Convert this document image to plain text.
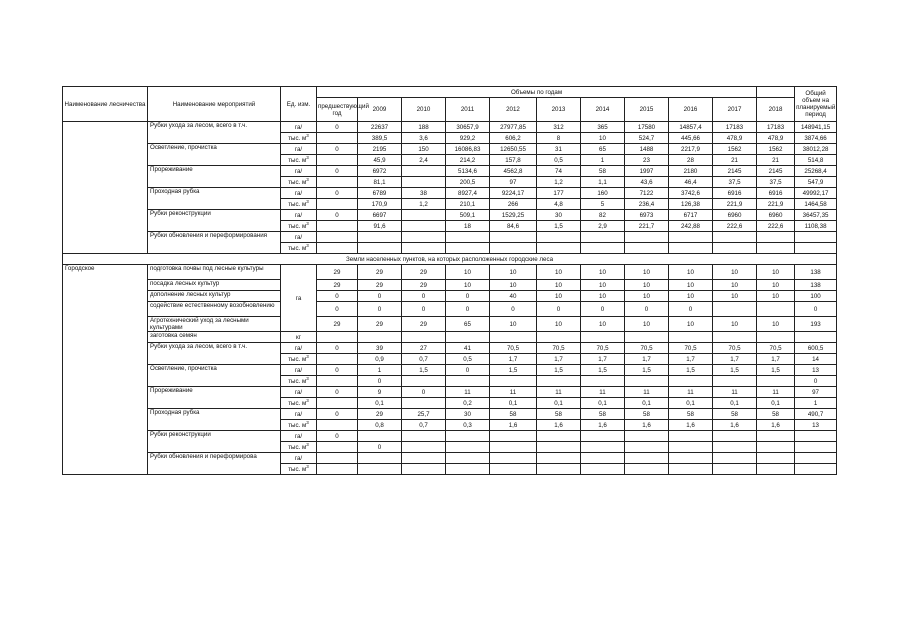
Наименование лесничества	Наименование мероприятий	Ед. изм.	Объемы по годам											Общий объем на планируемый период
			предшествующий год	2009	2010	2011	2012	2013	2014	2015	2016	2017	2018	
	Рубки ухода за лесом, всего в т.ч.	га/	0	22637	188	30657,9	27977,85	312	365	17580	14857,4	17183	17183	148941,15
		тыс. $м^3$		389,5	3,6	929,2	606,2	8	10	524,7	445,66	478,9	478,9	3874,66
	Осветление, прочистка	га/	0	2195	150	16086,83	12650,55	31	65	1488	2217,9	1562	1562	38012,28
		тыс. $м^3$		45,9	2,4	214,2	157,8	0,5	1	23	28	21	21	514,8
	Прореживание	га/	0	6972		5134,6	4562,8	74	58	1997	2180	2145	2145	25268,4
		тыс. $м^3$		81,1		200,5	97	1,2	1,1	43,6	46,4	37,5	37,5	547,9
	Проходная рубка	га/	0	6789	38	8927,4	9224,17	177	160	7122	3742,6	6916	6916	49992,17
		тыс. $м^3$		170,9	1,2	210,1	266	4,8	5	236,4	126,38	221,9	221,9	1464,58
	Рубки реконструкции	га/	0	6697		509,1	1529,25	30	82	6973	6717	6960	6960	36457,35
		тыс. $м^3$		91,6		18	84,6	1,5	2,9	221,7	242,88	222,6	222,6	1108,38
	Рубки обновления и переформирования	га/												
		тыс. $м^3$												
Земли населенных пунктов, на которых расположенных городские леса														
Городское	подготовка почвы под лесные культуры	га	29	29	29	10	10	10	10	10	10	10	10	138
	посадка лесных культур		29	29	29	10	10	10	10	10	10	10	10	138
	дополнение лесных культур		0	0	0	0	40	10	10	10	10	10	10	100
	содействие естественному возобновлению		0	0	0	0	0	0	0	0	0			0
	Агротехнический уход за лесными культурами		29	29	29	65	10	10	10	10	10	10	10	193
	заготовка семян	кг												
	Рубки ухода за лесом, всего в т.ч.	га/	0	39	27	41	70,5	70,5	70,5	70,5	70,5	70,5	70,5	600,5
		тыс. $м^3$		0,9	0,7	0,5	1,7	1,7	1,7	1,7	1,7	1,7	1,7	14
	Осветление, прочистка	га/	0	1	1,5	0	1,5	1,5	1,5	1,5	1,5	1,5	1,5	13
		тыс. $м^3$		0										0
	Прореживание	га/	0	9	0	11	11	11	11	11	11	11	11	97
		тыс. $м^3$		0,1		0,2	0,1	0,1	0,1	0,1	0,1	0,1	0,1	1
	Проходная рубка	га/	0	29	25,7	30	58	58	58	58	58	58	58	490,7
		тыс. $м^3$		0,8	0,7	0,3	1,6	1,6	1,6	1,6	1,6	1,6	1,6	13
	Рубки реконструкции	га/	0											
		тыс. $м^3$		0										
	Рубки обновления и переформирова	га/												
		тыс. $м^3$												
